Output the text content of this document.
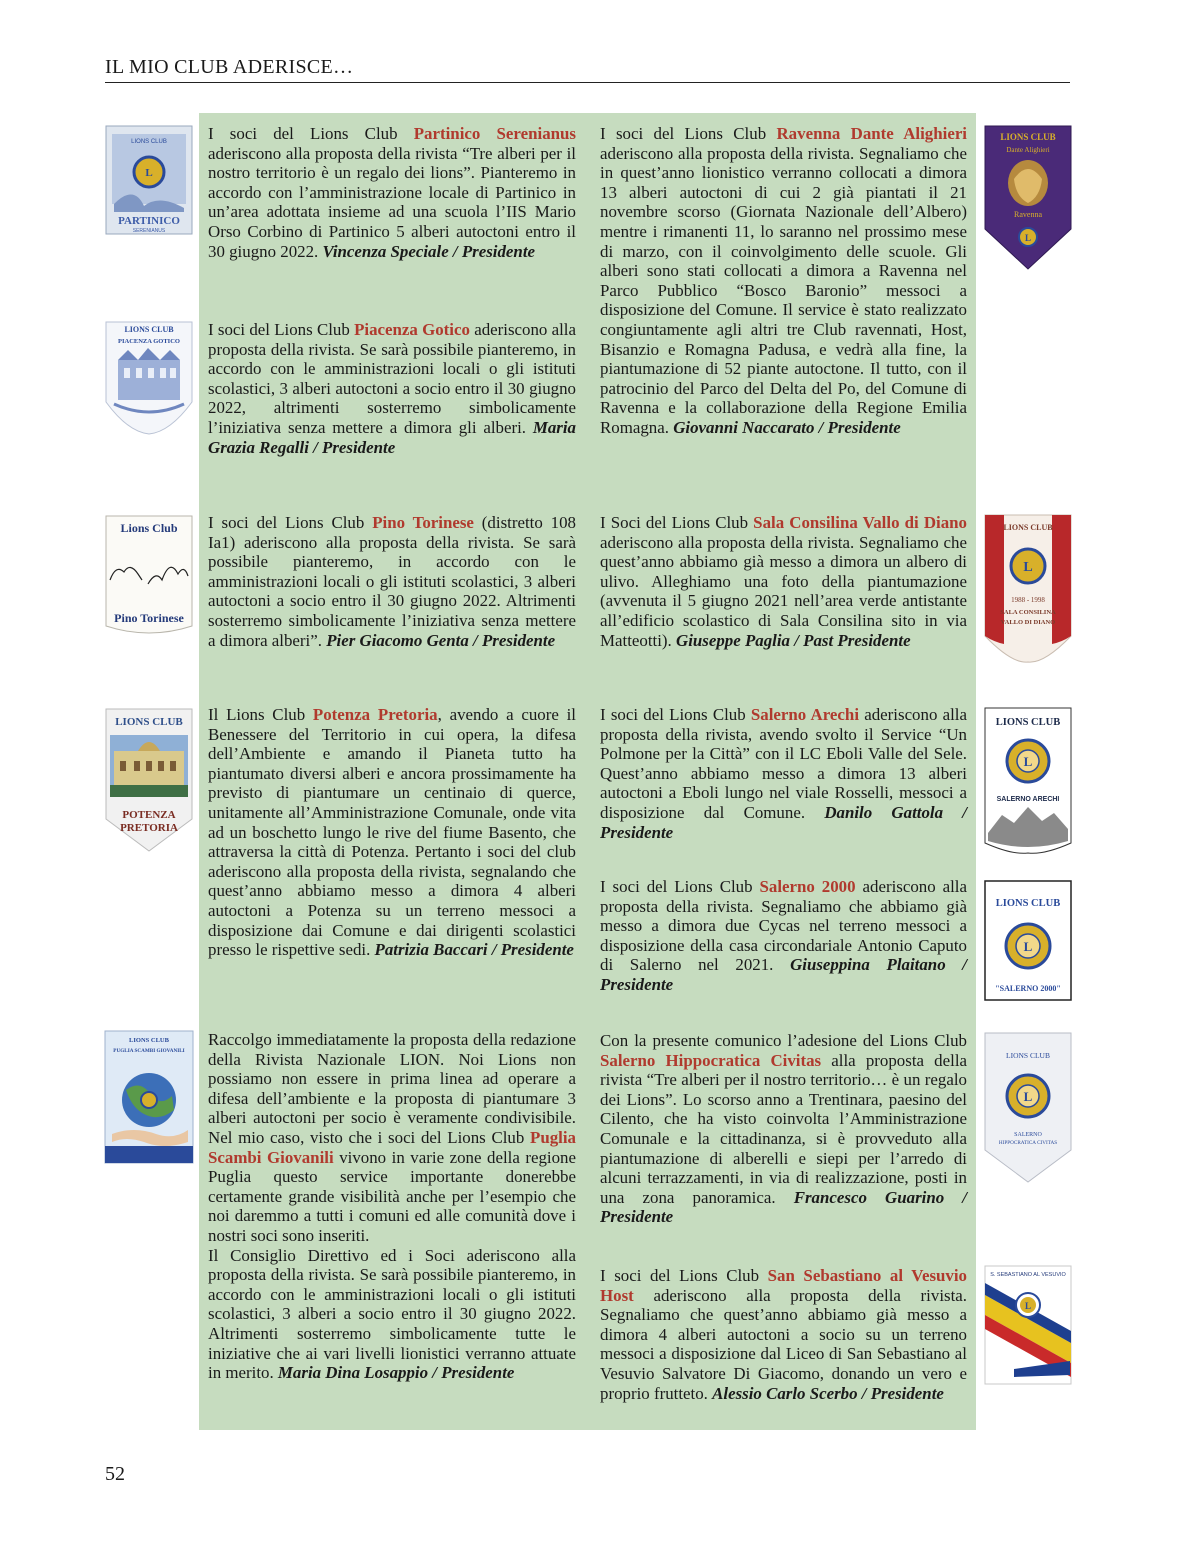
IL MIO CLUB ADERISCE…
L
LIONS CLUB
PARTINICO
SERENIANUS
LIONS CLUB
PIACENZA GOTICO
Lions Club
Pino Torinese
LIONS CLUB
POTENZA
PRETORIA
LIONS CLUB
PUGLIA SCAMBI GIOVANILI
LIONS CLUB
Dante Alighieri
Ravenna
L
LIONS CLUB
L
1988 - 1998
SALA CONSILINA
VALLO DI DIANO
LIONS CLUB
L
SALERNO ARECHI
LIONS CLUB
L
"SALERNO 2000"
LIONS CLUB
L
SALERNO
HIPPOCRATICA CIVITAS
S. SEBASTIANO AL VESUVIO
L
I soci del Lions Club Partinico Serenianus aderiscono alla proposta della rivista “Tre alberi per il nostro territorio è un regalo dei lions”. Pianteremo in accordo con l’amministrazione locale di Partinico in un’area adottata insieme ad una scuola l’IIS Mario Orso Corbino di Partinico 5 alberi autoctoni entro il 30 giugno 2022. Vincenza Speciale / Presidente
I soci del Lions Club Piacenza Gotico aderiscono alla proposta della rivista. Se sarà possibile pianteremo, in accordo con le amministrazioni locali o gli istituti scolastici, 3 alberi autoctoni a socio entro il 30 giugno 2022, altrimenti sosterremo simbolicamente l’iniziativa senza mettere a dimora gli alberi. Maria Grazia Regalli / Presidente
I soci del Lions Club Pino Torinese (distretto 108 Ia1) aderiscono alla proposta della rivista. Se sarà possibile pianteremo, in accordo con le amministrazioni locali o gli istituti scolastici, 3 alberi autoctoni a socio entro il 30 giugno 2022. Altrimenti sosterremo simbolicamente l’iniziativa senza mettere a dimora alberi”. Pier Giacomo Genta / Presidente
Il Lions Club Potenza Pretoria, avendo a cuore il Benessere del Territorio in cui opera, la difesa dell’Ambiente e amando il Pianeta tutto ha piantumato diversi alberi e ancora prossimamente ha previsto di piantumare un centinaio di querce, unitamente all’Amministrazione Comunale, onde vita ad un boschetto lungo le rive del fiume Basento, che attraversa la città di Potenza. Pertanto i soci del club aderiscono alla proposta della rivista, segnalando che quest’anno abbiamo messo a dimora 4 alberi autoctoni a Potenza su un terreno messoci a disposizione dai Comune e dai dirigenti scolastici presso le rispettive sedi. Patrizia Baccari / Presidente
Raccolgo immediatamente la proposta della redazione della Rivista Nazionale LION. Noi Lions non possiamo non essere in prima linea ad operare a difesa dell’ambiente e la proposta di piantumare 3 alberi autoctoni per socio è veramente condivisibile. Nel mio caso, visto che i soci del Lions Club Puglia Scambi Giovanili vivono in varie zone della regione Puglia questo service importante donerebbe certamente grande visibilità anche per l’esempio che noi daremmo a tutti i comuni ed alle comunità dove i nostri soci sono inseriti.
Il Consiglio Direttivo ed i Soci aderiscono alla proposta della rivista. Se sarà possibile pianteremo, in accordo con le amministrazioni locali o gli istituti scolastici, 3 alberi a socio entro il 30 giugno 2022. Altrimenti sosterremo simbolicamente tutte le iniziative che ai vari livelli lionistici verranno attuate in merito. Maria Dina Losappio / Presidente
I soci del Lions Club Ravenna Dante Alighieri aderiscono alla proposta della rivista. Segnaliamo che in quest’anno lionistico verranno collocati a dimora 13 alberi autoctoni di cui 2 già piantati il 21 novembre scorso (Giornata Nazionale dell’Albero) mentre i rimanenti 11, lo saranno nel prossimo mese di marzo, con il coinvolgimento delle scuole. Gli alberi sono stati collocati a dimora a Ravenna nel Parco Pubblico “Bosco Baronio” messoci a disposizione del Comune. Il service è stato realizzato congiuntamente agli altri tre Club ravennati, Host, Bisanzio e Romagna Padusa, e vedrà alla fine, la piantumazione di 52 piante autoctone. Il tutto, con il patrocinio del Parco del Delta del Po, del Comune di Ravenna e la collaborazione della Regione Emilia Romagna. Giovanni Naccarato / Presidente
I Soci del Lions Club Sala Consilina Vallo di Diano aderiscono alla proposta della rivista. Segnaliamo che quest’anno abbiamo già messo a dimora un albero di ulivo. Alleghiamo una foto della piantumazione (avvenuta il 5 giugno 2021 nell’area verde antistante all’edificio scolastico di Sala Consilina sito in via Matteotti). Giuseppe Paglia / Past Presidente
I soci del Lions Club Salerno Arechi aderiscono alla proposta della rivista, avendo svolto il Service “Un Polmone per la Città” con il LC Eboli Valle del Sele. Quest’anno abbiamo messo a dimora 13 alberi autoctoni a Eboli lungo nel viale Rosselli, messoci a disposizione dal Comune. Danilo Gattola / Presidente
I soci del Lions Club Salerno 2000 aderiscono alla proposta della rivista. Segnaliamo che abbiamo già messo a dimora due Cycas nel terreno messoci a disposizione della casa circondariale Antonio Caputo di Salerno nel 2021. Giuseppina Plaitano / Presidente
Con la presente comunico l’adesione del Lions Club Salerno Hippocratica Civitas alla proposta della rivista “Tre alberi per il nostro territorio… è un regalo dei Lions”. Lo scorso anno a Trentinara, paesino del Cilento, che ha visto coinvolta l’Amministrazione Comunale e la cittadinanza, si è provveduto alla piantumazione di alberelli e siepi per l’arredo di alcuni terrazzamenti, in via di realizzazione, posti in una zona panoramica. Francesco Guarino / Presidente
I soci del Lions Club San Sebastiano al Vesuvio Host aderiscono alla proposta della rivista. Segnaliamo che quest’anno abbiamo già messo a dimora 4 alberi autoctoni a socio su un terreno messoci a disposizione dal Liceo di San Sebastiano al Vesuvio Salvatore Di Giacomo, donando un vero e proprio frutteto. Alessio Carlo Scerbo / Presidente
52
